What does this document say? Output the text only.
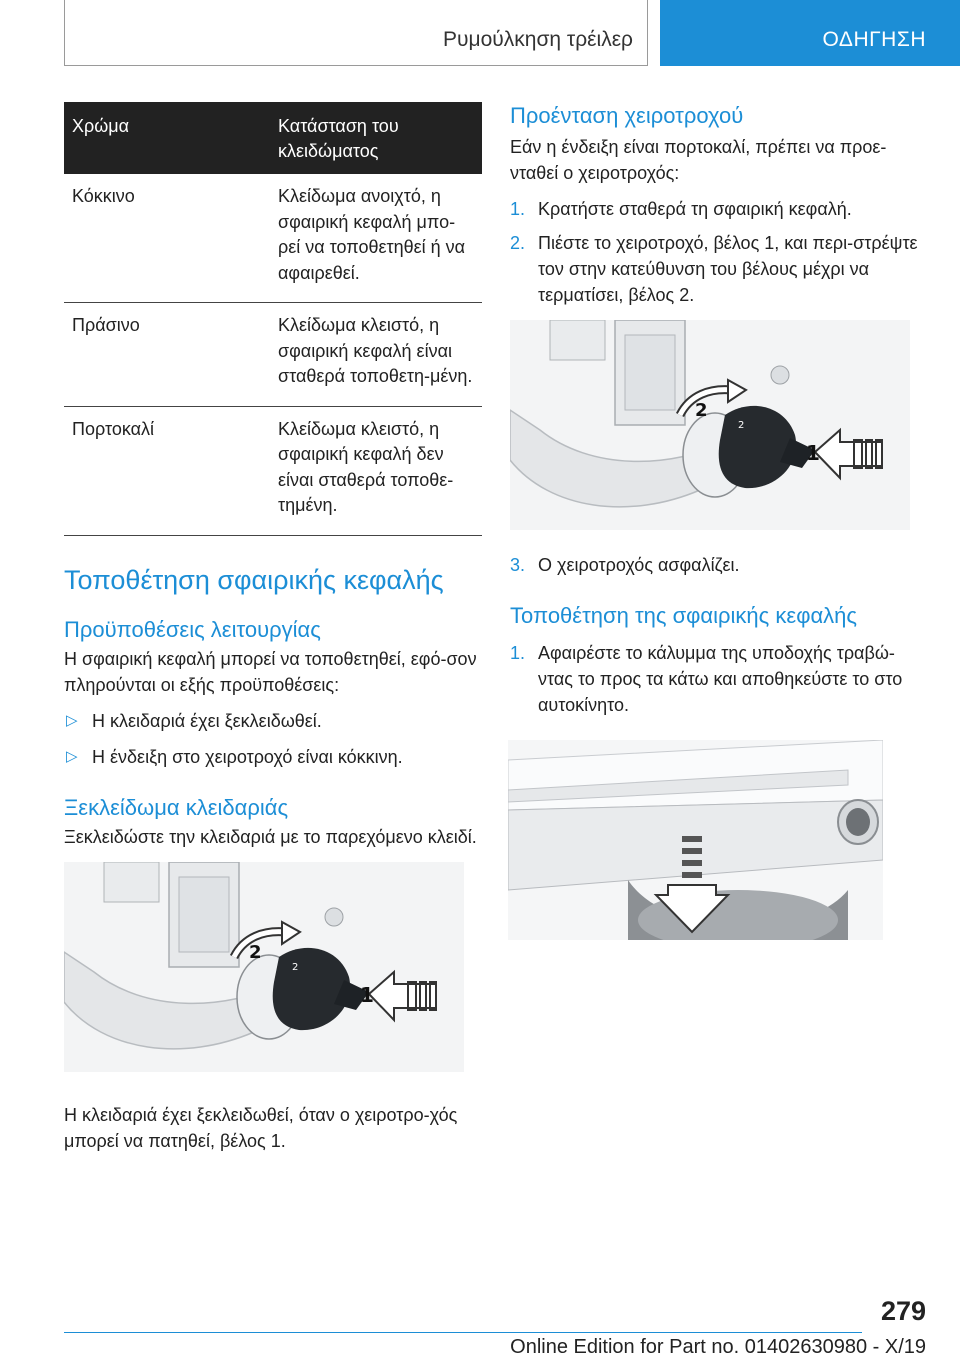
Ρυμούλκηση τρέιλερ	ΟΔΗΓΗΣΗ
Χρώμα	Κατάσταση του κλειδώματος
Κόκκινο	Κλείδωμα ανοιχτό, η σφαιρική κεφαλή μπο-ρεί να τοποθετηθεί ή να αφαιρεθεί.
Πράσινο	Κλείδωμα κλειστό, η σφαιρική κεφαλή είναι σταθερά τοποθετη-μένη.
Πορτοκαλί	Κλείδωμα κλειστό, η σφαιρική κεφαλή δεν είναι σταθερά τοποθε-τημένη.
Τοποθέτηση σφαιρικής κεφαλής
Προϋποθέσεις λειτουργίας

Η σφαιρική κεφαλή μπορεί να τοποθετηθεί, εφό-σον πληρούνται οι εξής προϋποθέσεις:

▷ Η κλειδαριά έχει ξεκλειδωθεί.
▷ Η ένδειξη στο χειροτροχό είναι κόκκινη.
Ξεκλείδωμα κλειδαριάς

Ξεκλειδώστε την κλειδαριά με το παρεχόμενο κλειδί.

2
2
1

Η κλειδαριά έχει ξεκλειδωθεί, όταν ο χειροτρο-χός μπορεί να πατηθεί, βέλος 1.

Προένταση χειροτροχού

Εάν η ένδειξη είναι πορτοκαλί, πρέπει να προε-νταθεί ο χειροτροχός:

1. Κρατήστε σταθερά τη σφαιρική κεφαλή.
2. Πιέστε το χειροτροχό, βέλος 1, και περι-στρέψτε τον στην κατεύθυνση του βέλους μέχρι να τερματίσει, βέλος 2.
2
2
1
3. Ο χειροτροχός ασφαλίζει.
Τοποθέτηση της σφαιρικής κεφαλής
1. Αφαιρέστε το κάλυμμα της υποδοχής τραβώ-ντας το προς τα κάτω και αποθηκεύστε το στο αυτοκίνητο.
279
Online Edition for Part no. 01402630980 - X/19
